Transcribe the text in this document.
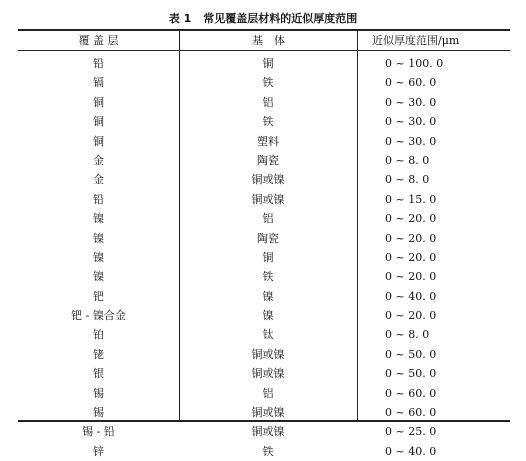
表 1 常见覆盖层材料的近似厚度范围
覆 盖 层	基　体	近似厚度范围/μm
铅	铜	0 ~ 100. 0
镉	铁	0 ~ 60. 0
铜	铝	0 ~ 30. 0
铜	铁	0 ~ 30. 0
铜	塑料	0 ~ 30. 0
金	陶瓷	0 ~ 8. 0
金	铜或镍	0 ~ 8. 0
铅	铜或镍	0 ~ 15. 0
镍	铝	0 ~ 20. 0
镍	陶瓷	0 ~ 20. 0
镍	铜	0 ~ 20. 0
镍	铁	0 ~ 20. 0
钯	镍	0 ~ 40. 0
钯 - 镍合金	镍	0 ~ 20. 0
铂	钛	0 ~ 8. 0
铑	铜或镍	0 ~ 50. 0
银	铜或镍	0 ~ 50. 0
锡	铝	0 ~ 60. 0
锡	铜或镍	0 ~ 60. 0
锡 - 铅	铜或镍	0 ~ 25. 0
锌	铁	0 ~ 40. 0
